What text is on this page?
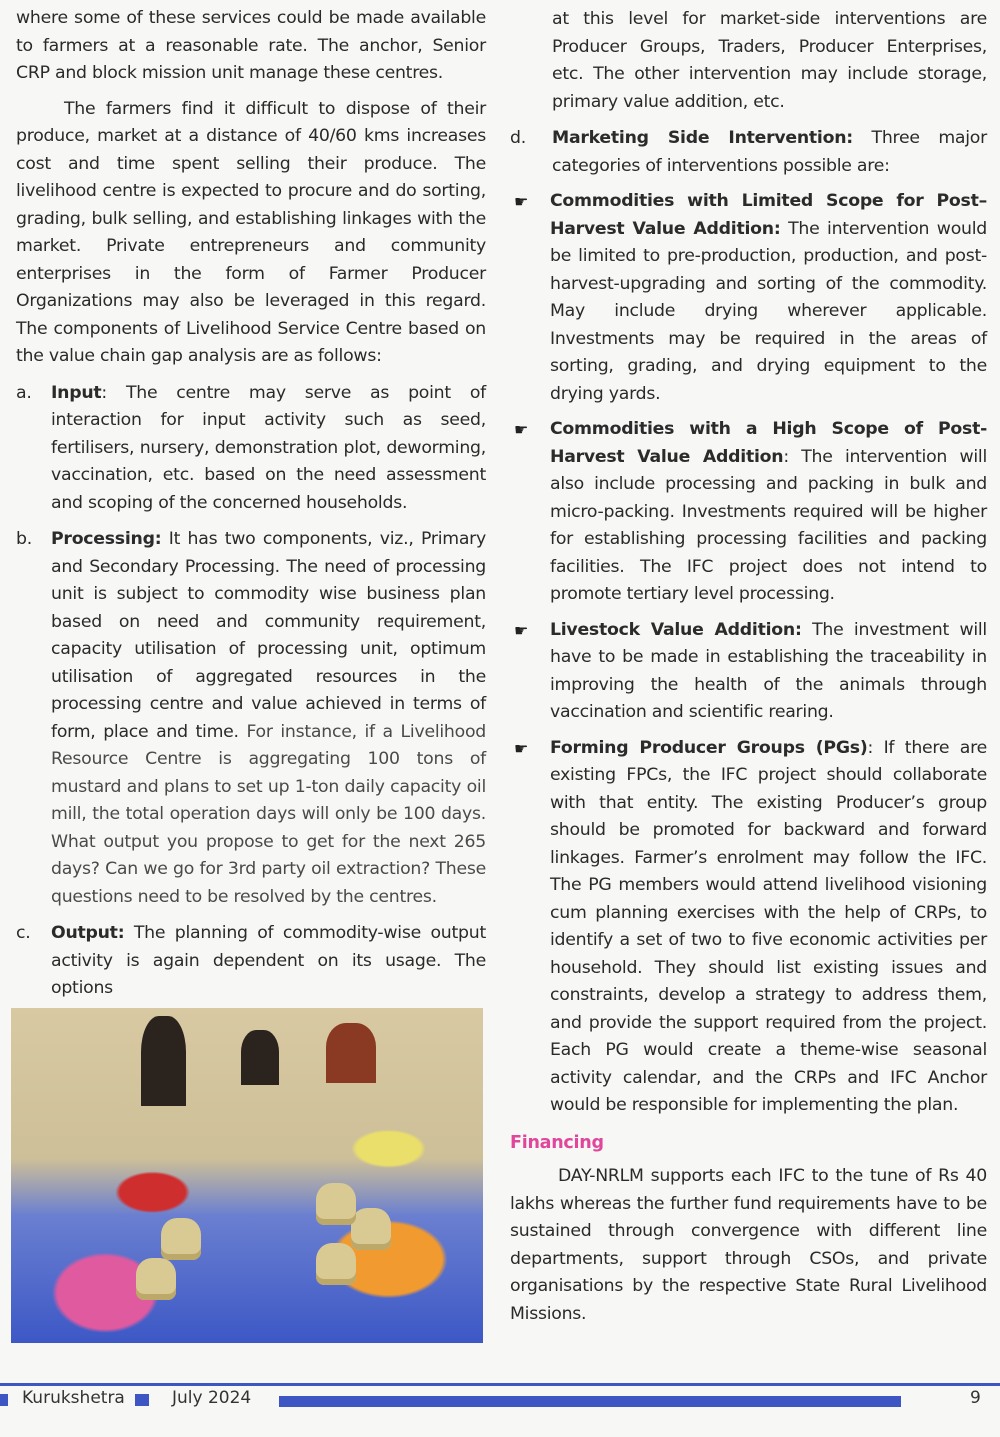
where some of these services could be made available to farmers at a reasonable rate. The anchor, Senior CRP and block mission unit manage these centres.

The farmers find it difficult to dispose of their produce, market at a distance of 40/60 kms increases cost and time spent selling their produce. The livelihood centre is expected to procure and do sorting, grading, bulk selling, and establishing linkages with the market. Private entrepreneurs and community enterprises in the form of Farmer Producer Organizations may also be leveraged in this regard. The components of Livelihood Service Centre based on the value chain gap analysis are as follows:

a. Input: The centre may serve as point of interaction for input activity such as seed, fertilisers, nursery, demonstration plot, deworming, vaccination, etc. based on the need assessment and scoping of the concerned households.

b. Processing: It has two components, viz., Primary and Secondary Processing. The need of processing unit is subject to commodity wise business plan based on need and community requirement, capacity utilisation of processing unit, optimum utilisation of aggregated resources in the processing centre and value achieved in terms of form, place and time. For instance, if a Livelihood Resource Centre is aggregating 100 tons of mustard and plans to set up 1-ton daily capacity oil mill, the total operation days will only be 100 days. What output you propose to get for the next 265 days? Can we go for 3rd party oil extraction? These questions need to be resolved by the centres.

c. Output: The planning of commodity-wise output activity is again dependent on its usage. The options

at this level for market-side interventions are Producer Groups, Traders, Producer Enterprises, etc. The other intervention may include storage, primary value addition, etc.

d. Marketing Side Intervention: Three major categories of interventions possible are:

☛ Commodities with Limited Scope for Post–Harvest Value Addition: The intervention would be limited to pre-production, production, and post-harvest-upgrading and sorting of the commodity. May include drying wherever applicable. Investments may be required in the areas of sorting, grading, and drying equipment to the drying yards.

☛ Commodities with a High Scope of Post-Harvest Value Addition: The intervention will also include processing and packing in bulk and micro-packing. Investments required will be higher for establishing processing facilities and packing facilities. The IFC project does not intend to promote tertiary level processing.

☛ Livestock Value Addition: The investment will have to be made in establishing the traceability in improving the health of the animals through vaccination and scientific rearing.

☛ Forming Producer Groups (PGs): If there are existing FPCs, the IFC project should collaborate with that entity. The existing Producer’s group should be promoted for backward and forward linkages. Farmer’s enrolment may follow the IFC. The PG members would attend livelihood visioning cum planning exercises with the help of CRPs, to identify a set of two to five economic activities per household. They should list existing issues and constraints, develop a strategy to address them, and provide the support required from the project. Each PG would create a theme-wise seasonal activity calendar, and the CRPs and IFC Anchor would be responsible for implementing the plan.

Financing

DAY-NRLM supports each IFC to the tune of Rs 40 lakhs whereas the further fund requirements have to be sustained through convergence with different line departments, support through CSOs, and private organisations by the respective State Rural Livelihood Missions.

Kurukshetra	July 2024	9
